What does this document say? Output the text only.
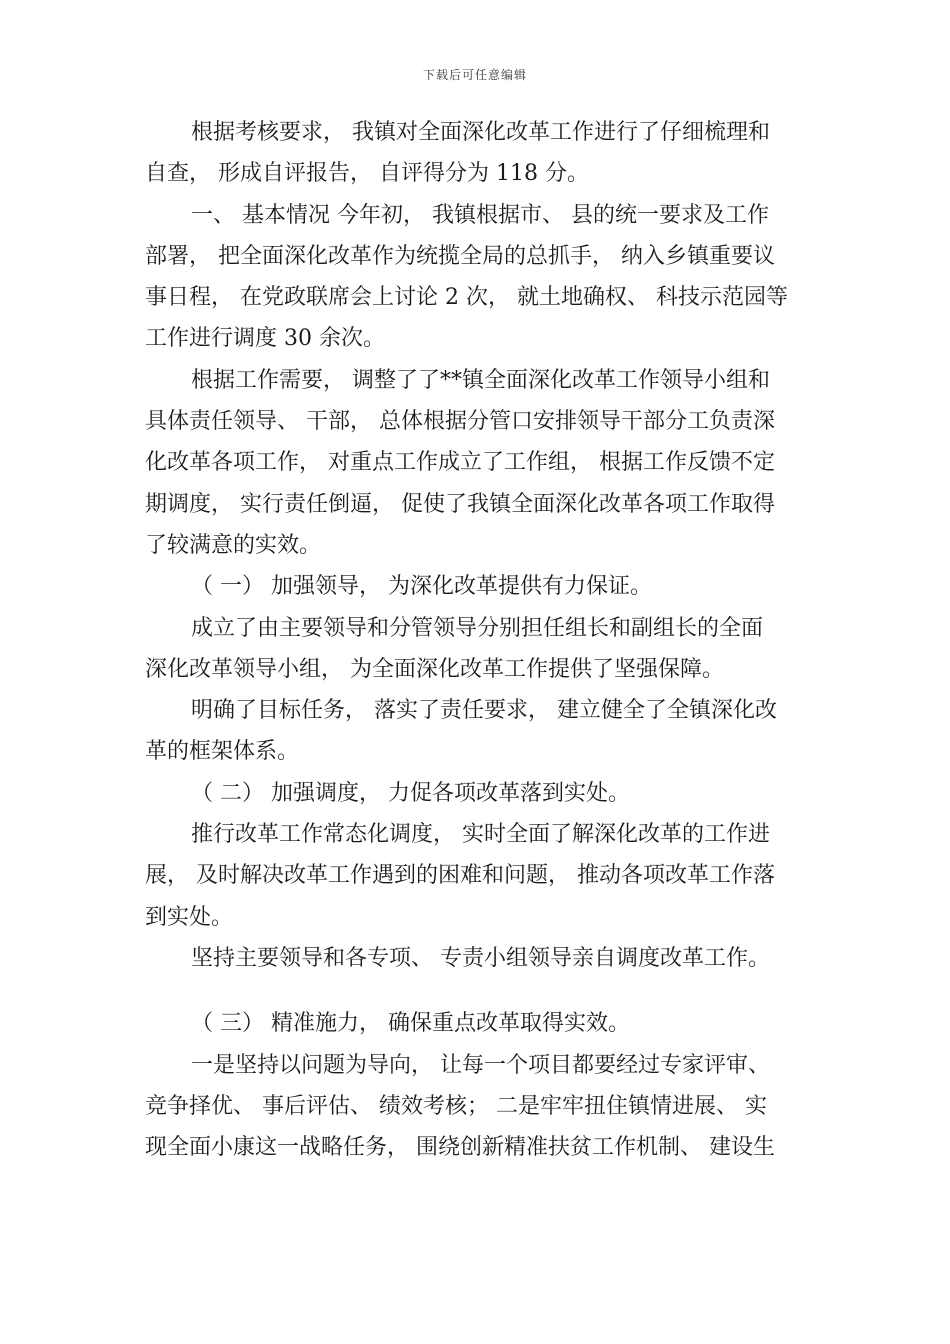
下载后可任意编辑
根据考核要求， 我镇对全面深化改革工作进行了仔细梳理和
自查， 形成自评报告， 自评得分为 118 分。
一、 基本情况 今年初， 我镇根据市、 县的统一要求及工作
部署， 把全面深化改革作为统揽全局的总抓手， 纳入乡镇重要议
事日程， 在党政联席会上讨论 2 次， 就土地确权、 科技示范园等
工作进行调度 30 余次。
根据工作需要， 调整了了**镇全面深化改革工作领导小组和
具体责任领导、 干部， 总体根据分管口安排领导干部分工负责深
化改革各项工作， 对重点工作成立了工作组， 根据工作反馈不定
期调度， 实行责任倒逼， 促使了我镇全面深化改革各项工作取得
了较满意的实效。
（ 一） 加强领导， 为深化改革提供有力保证。
成立了由主要领导和分管领导分别担任组长和副组长的全面
深化改革领导小组， 为全面深化改革工作提供了坚强保障。
明确了目标任务， 落实了责任要求， 建立健全了全镇深化改
革的框架体系。
（ 二） 加强调度， 力促各项改革落到实处。
推行改革工作常态化调度， 实时全面了解深化改革的工作进
展， 及时解决改革工作遇到的困难和问题， 推动各项改革工作落
到实处。
坚持主要领导和各专项、 专责小组领导亲自调度改革工作。
（ 三） 精准施力， 确保重点改革取得实效。
一是坚持以问题为导向， 让每一个项目都要经过专家评审、
竞争择优、 事后评估、 绩效考核； 二是牢牢扭住镇情进展、 实
现全面小康这一战略任务， 围绕创新精准扶贫工作机制、 建设生
